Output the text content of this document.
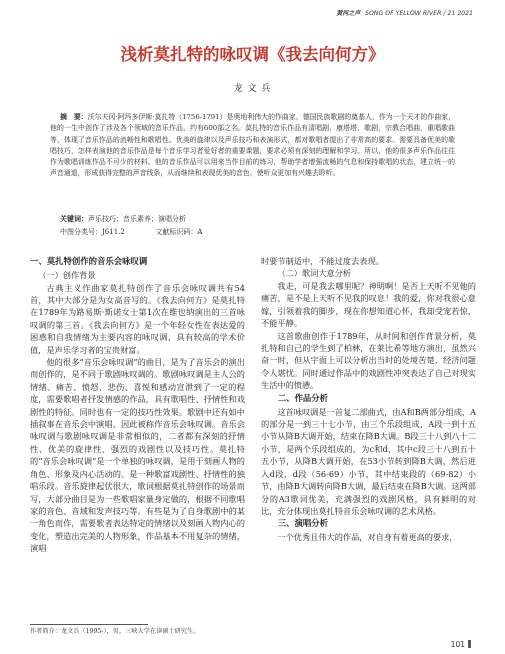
黄河之声 SONG OF YELLOW RIVER / 21 2021
浅析莫扎特的咏叹调《我去向何方》
龙 文 兵
摘　要：沃尔夫冈·阿玛多伊斯·莫扎特（1756-1791）是奥地利伟大的作曲家，德国民族歌剧的奠基人，作为一个天才的作曲家，他的一生中创作了涉及各个领域的音乐作品，约有600部之名。莫扎特的音乐作品有清唱剧、康塔塔、歌剧，宗教合唱曲，重唱歌曲等，体现了音乐作品的流畅性和歌唱性。优美的旋律以及声乐技巧和表演形式，都对歌唱者提出了非常高的要求。需要具备优美的歌唱技巧，怎样表演他的音乐作品是每个音乐学习者爱好者的重要课题，要求必须有深刻的理解和学习。所以，他的很多声乐作品往往作为歌唱训练作品不可少的材料。他的音乐作品可以用来当作目前的练习，帮助学者增强流畅的气息和保持歌唱的状态，建立统一的声音通道，形成获得完整的声音线条，从而继续和表现优美的音色，使听众更加有兴趣去聆听。
关键词：声乐技巧；音乐素养；演唱分析
中图分类号：J611.2	文献标识码：A
一、莫扎特创作的音乐会咏叹调
（一）创作背景

古典主义作曲家莫扎特创作了音乐会咏叹调共有54首，其中大部分是为女高音写的。《我去向何方》是莫扎特在1789年为路易斯·斯诺女士第1次在维也纳演出的三首咏叹调的第三首。《我去向何方》是一个年轻女性在表达爱的困惑和自我情绪为主要内容的咏叹调，具有较高的学术价值，是声乐学习者的宝贵财富。

他的很多“音乐会咏叹调”的曲目，是为了音乐会的演出而创作的，是不同于歌剧咏叹调的。歌剧咏叹调是主人公的情绪、痛苦、愤怒、悲伤、喜悦和感动宣泄到了一定的程度，需要歌唱者抒发情感的作品，具有歌唱性、抒情性和戏剧性的特征。同时也有一定的技巧性效果。歌剧中还有如中插叙事在音乐会中演唱，因此被称作音乐会咏叹调。音乐会咏叹调与歌剧咏叹调是非常相似的，二者都有深刻的抒情性、优美的旋律性、强烈的戏剧性以及技巧性。莫扎特的“音乐会咏叹调”是一个单独的咏叹调，是用于刻画人物的角色、形象及内心活动的。是一种歌富戏剧性、抒情性的独唱乐段。音乐旋律起伏很大，歌词根据莫扎特创作的场景而写，大部分曲目是为一些歌唱家量身定做的，根据不同歌唱家的音色、音域和发声技巧等。有些是为了自身歌剧中的某一角色而作，需要歌者表达特定的情绪以及刻画人物内心的变化，塑造出完美的人物形象，作品基本不用复杂的情绪，演唱

时要节制适中，不能过度去表现。

（二）歌词大意分析

我走，可是我去哪里呢？神明啊！是否上天听不见他的痛苦，是不是上天听不见我的叹息！我的爱，你对我很心意嫁，引领着我的脚步，现在你想知道心怀，我却受宠若惊，不能平静。

这首歌曲创作于1789年，从时间和创作背景分析，莫扎特和自己的学生到了柏林，在莱比希等地方演出，虽然兴奋一时，但从字面上可以分析出当时的处境苦楚，经济问题令人堪忧。同时通过作品中的戏剧性冲突表达了自己对现实生活中的愤懑。

二、作品分析

这首咏叹调是一首复二部曲式，由A和B两部分组成，A的部分是一到三十七小节，由三个乐段组成，A段一到十五小节从降B大调开始，结束在降B大调。B段三十八到八十二小节，是两个乐段组成的，为c和d，其中c段三十八到五十五小节，从降B大调开始，在53小节转到降B大调，然后进入d段，d段（56-69）小节，其中结束段的（69-82）小节，由降B大调转向降B大调，最后结束在降B大调。这两部分的A3歌词优美，充满强烈的戏剧风格，具有鲜明的对比，充分体现出莫扎特音乐会咏叹调的艺术风格。

三、演唱分析

一个优秀且伟大的作品，对自身有着更高的要求，

作者简介：龙文兵（1995-），男，三峡大学在读硕士研究生。
101
